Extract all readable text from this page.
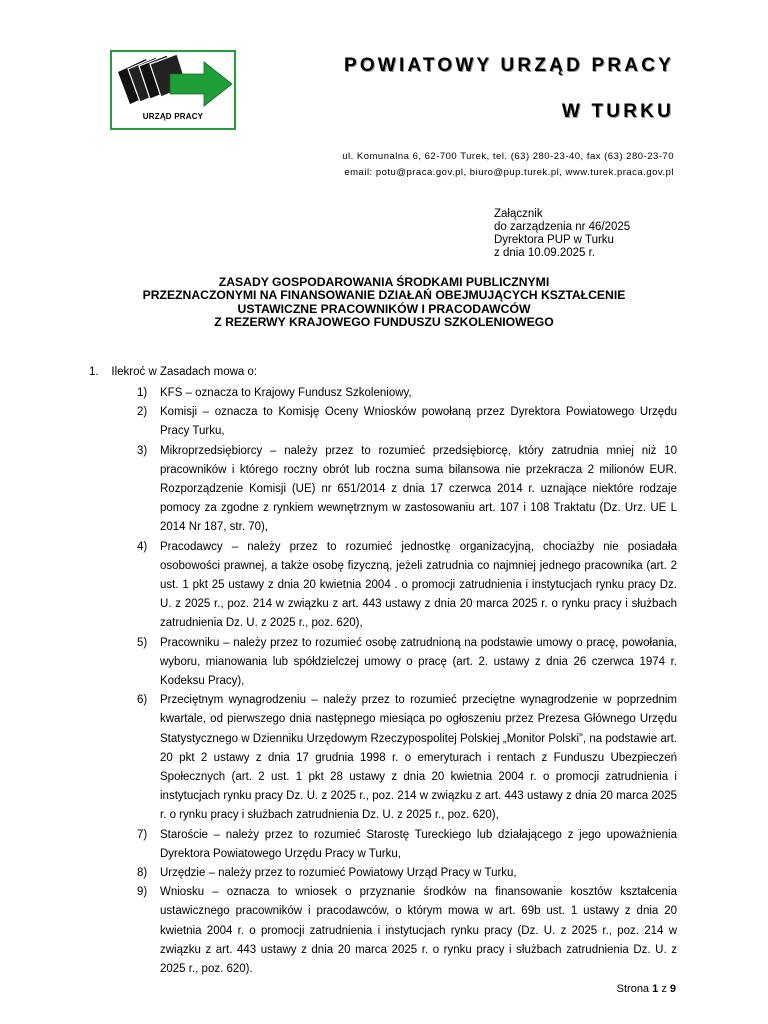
URZĄD PRACY
POWIATOWY URZĄD PRACY
W TURKU
ul. Komunalna 6, 62-700 Turek, tel. (63) 280-23-40, fax (63) 280-23-70
email: potu@praca.gov.pl, biuro@pup.turek.pl, www.turek.praca.gov.pl
Załącznik
do zarządzenia nr 46/2025
Dyrektora PUP w Turku
z dnia 10.09.2025 r.
ZASADY GOSPODAROWANIA ŚRODKAMI PUBLICZNYMI
PRZEZNACZONYMI NA FINANSOWANIE DZIAŁAŃ OBEJMUJĄCYCH KSZTAŁCENIE
USTAWICZNE PRACOWNIKÓW I PRACODAWCÓW
Z REZERWY KRAJOWEGO FUNDUSZU SZKOLENIOWEGO
1. Ilekroć w Zasadach mowa o:
1) KFS – oznacza to Krajowy Fundusz Szkoleniowy,
2) Komisji – oznacza to Komisję Oceny Wniosków powołaną przez Dyrektora Powiatowego Urzędu Pracy Turku,
3) Mikroprzedsiębiorcy – należy przez to rozumieć przedsiębiorcę, który zatrudnia mniej niż 10 pracowników i którego roczny obrót lub roczna suma bilansowa nie przekracza 2 milionów EUR. Rozporządzenie Komisji (UE) nr 651/2014 z dnia 17 czerwca 2014 r. uznające niektóre rodzaje pomocy za zgodne z rynkiem wewnętrznym w zastosowaniu art. 107 i 108 Traktatu (Dz. Urz. UE L 2014 Nr 187, str. 70),
4) Pracodawcy – należy przez to rozumieć jednostkę organizacyjną, chociażby nie posiadała osobowości prawnej, a także osobę fizyczną, jeżeli zatrudnia co najmniej jednego pracownika (art. 2 ust. 1 pkt 25 ustawy z dnia 20 kwietnia 2004 . o promocji zatrudnienia i instytucjach rynku pracy Dz. U. z 2025 r., poz. 214 w związku z art. 443 ustawy z dnia 20 marca 2025 r. o rynku pracy i służbach zatrudnienia Dz. U. z 2025 r., poz. 620),
5) Pracowniku – należy przez to rozumieć osobę zatrudnioną na podstawie umowy o pracę, powołania, wyboru, mianowania lub spółdzielczej umowy o pracę (art. 2. ustawy z dnia 26 czerwca 1974 r. Kodeksu Pracy),
6) Przeciętnym wynagrodzeniu – należy przez to rozumieć przeciętne wynagrodzenie w poprzednim kwartale, od pierwszego dnia następnego miesiąca po ogłoszeniu przez Prezesa Głównego Urzędu Statystycznego w Dzienniku Urzędowym Rzeczypospolitej Polskiej „Monitor Polski”, na podstawie art. 20 pkt 2 ustawy z dnia 17 grudnia 1998 r. o emeryturach i rentach z Funduszu Ubezpieczeń Społecznych (art. 2 ust. 1 pkt 28 ustawy z dnia 20 kwietnia 2004 r. o promocji zatrudnienia i instytucjach rynku pracy Dz. U. z 2025 r., poz. 214 w związku z art. 443 ustawy z dnia 20 marca 2025 r. o rynku pracy i służbach zatrudnienia Dz. U. z 2025 r., poz. 620),
7) Staroście – należy przez to rozumieć Starostę Tureckiego lub działającego z jego upoważnienia Dyrektora Powiatowego Urzędu Pracy w Turku,
8) Urzędzie – należy przez to rozumieć Powiatowy Urząd Pracy w Turku,
9) Wniosku – oznacza to wniosek o przyznanie środków na finansowanie kosztów kształcenia ustawicznego pracowników i pracodawców, o którym mowa w art. 69b ust. 1 ustawy z dnia 20 kwietnia 2004 r. o promocji zatrudnienia i instytucjach rynku pracy (Dz. U. z 2025 r., poz. 214 w związku z art. 443 ustawy z dnia 20 marca 2025 r. o rynku pracy i służbach zatrudnienia Dz. U. z 2025 r., poz. 620).
Strona 1 z 9
